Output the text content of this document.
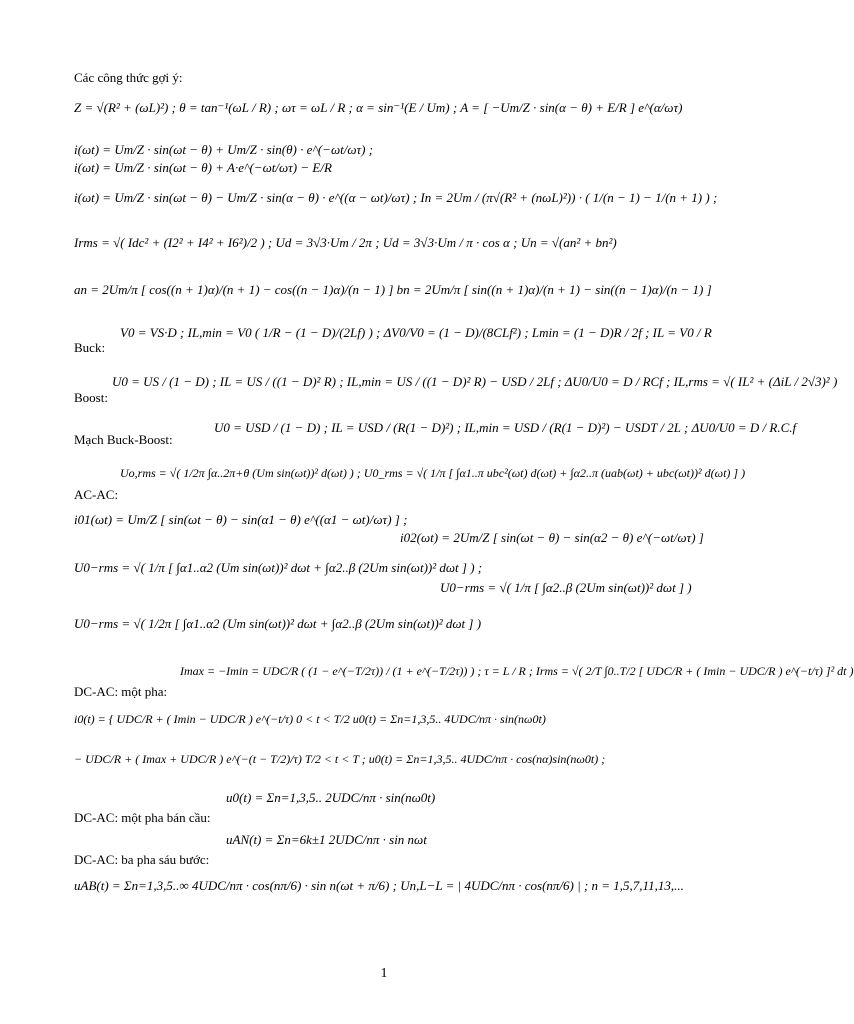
Các công thức gợi ý:
Z = √(R² + (ωL)²) ; θ = tan⁻¹(ωL / R) ; ωτ = ωL / R ; α = sin⁻¹(E / Um) ; A = [ −Um/Z · sin(α − θ) + E/R ] e^(α/ωτ)
i(ωt) = Um/Z · sin(ωt − θ) + Um/Z · sin(θ) · e^(−ωt/ωτ) ;
i(ωt) = Um/Z · sin(ωt − θ) + A·e^(−ωt/ωτ) − E/R
i(ωt) = Um/Z · sin(ωt − θ) − Um/Z · sin(α − θ) · e^((α − ωt)/ωτ) ; In = 2Um / (π√(R² + (nωL)²)) · ( 1/(n − 1) − 1/(n + 1) ) ;
Irms = √( Idc² + (I2² + I4² + I6²)/2 ) ; Ud = 3√3·Um / 2π ; Ud = 3√3·Um / π · cos α ; Un = √(an² + bn²)
an = 2Um/π [ cos((n + 1)α)/(n + 1) − cos((n − 1)α)/(n − 1) ] bn = 2Um/π [ sin((n + 1)α)/(n + 1) − sin((n − 1)α)/(n − 1) ]
Buck:
V0 = VS·D ; IL,min = V0 ( 1/R − (1 − D)/(2Lf) ) ; ΔV0/V0 = (1 − D)/(8CLf²) ; Lmin = (1 − D)R / 2f ; IL = V0 / R
Boost:
U0 = US / (1 − D) ; IL = US / ((1 − D)² R) ; IL,min = US / ((1 − D)² R) − USD / 2Lf ; ΔU0/U0 = D / RCf ; IL,rms = √( IL² + (ΔiL / 2√3)² )
Mạch Buck-Boost:
U0 = USD / (1 − D) ; IL = USD / (R(1 − D)²) ; IL,min = USD / (R(1 − D)²) − USDT / 2L ; ΔU0/U0 = D / R.C.f
AC-AC:
Uo,rms = √( 1/2π ∫α..2π+θ (Um sin(ωt))² d(ωt) ) ; U0_rms = √( 1/π [ ∫α1..π ubc²(ωt) d(ωt) + ∫α2..π (uab(ωt) + ubc(ωt))² d(ωt) ] )
i01(ωt) = Um/Z [ sin(ωt − θ) − sin(α1 − θ) e^((α1 − ωt)/ωτ) ] ;
i02(ωt) = 2Um/Z [ sin(ωt − θ) − sin(α2 − θ) e^(−ωt/ωτ) ]
U0−rms = √( 1/π [ ∫α1..α2 (Um sin(ωt))² dωt + ∫α2..β (2Um sin(ωt))² dωt ] ) ;
U0−rms = √( 1/π [ ∫α2..β (2Um sin(ωt))² dωt ] )
U0−rms = √( 1/2π [ ∫α1..α2 (Um sin(ωt))² dωt + ∫α2..β (2Um sin(ωt))² dωt ] )
Imax = −Imin = UDC/R ( (1 − e^(−T/2τ)) / (1 + e^(−T/2τ)) ) ; τ = L / R ; Irms = √( 2/T ∫0..T/2 [ UDC/R + ( Imin − UDC/R ) e^(−t/τ) ]² dt )
DC-AC: một pha:
i0(t) = { UDC/R + ( Imin − UDC/R ) e^(−t/τ) 0 < t < T/2 u0(t) = Σn=1,3,5.. 4UDC/nπ · sin(nω0t)
− UDC/R + ( Imax + UDC/R ) e^(−(t − T/2)/τ) T/2 < t < T ; u0(t) = Σn=1,3,5.. 4UDC/nπ · cos(nα)sin(nω0t) ;
u0(t) = Σn=1,3,5.. 2UDC/nπ · sin(nω0t)
DC-AC: một pha bán cầu:
uAN(t) = Σn=6k±1 2UDC/nπ · sin nωt
DC-AC: ba pha sáu bước:
uAB(t) = Σn=1,3,5..∞ 4UDC/nπ · cos(nπ/6) · sin n(ωt + π/6) ; Un,L−L = | 4UDC/nπ · cos(nπ/6) | ; n = 1,5,7,11,13,...
1
